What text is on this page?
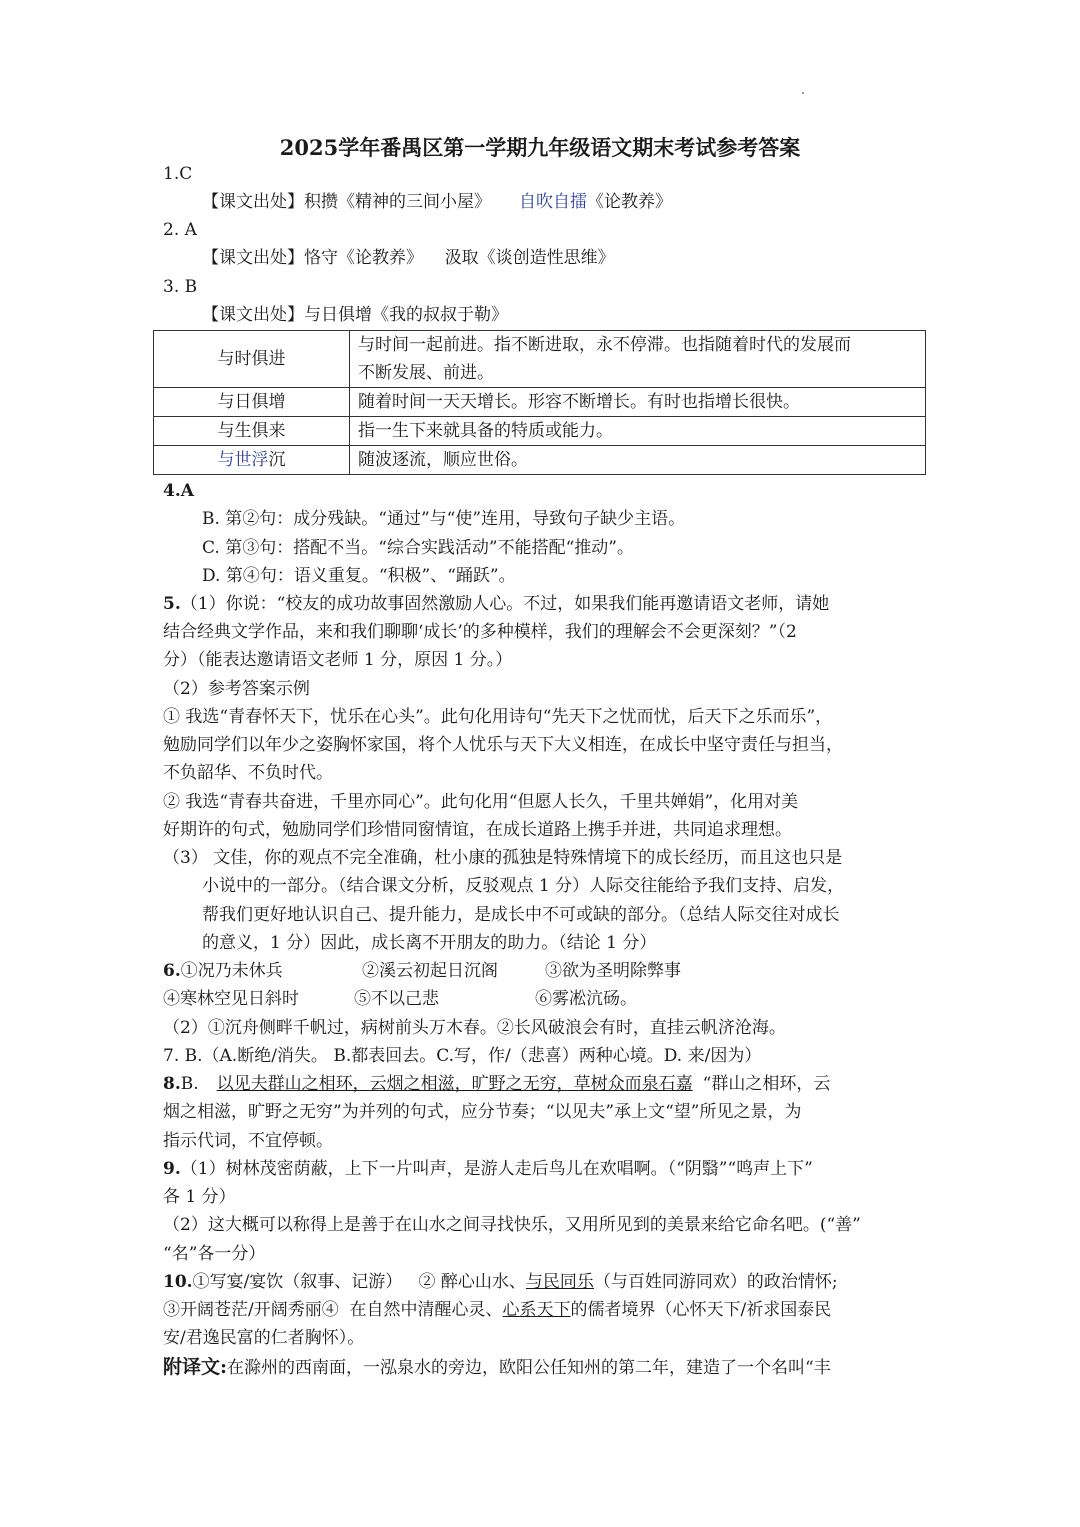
2025学年番禺区第一学期九年级语文期末考试参考答案
1.C
【课文出处】积攒《精神的三间小屋》 自吹自擂《论教养》
2. A
【课文出处】恪守《论教养》    汲取《谈创造性思维》
3. B
【课文出处】与日俱增《我的叔叔于勒》
与时俱进	与时间一起前进。指不断进取，永不停滞。也指随着时代的发展而
不断发展、前进。

与日俱增	随着时间一天天增长。形容不断增长。有时也指增长很快。
与生俱来	指一生下来就具备的特质或能力。
与世浮沉	随波逐流，顺应世俗。
4.A
B. 第②句：成分残缺。“通过”与“使”连用，导致句子缺少主语。
C. 第③句：搭配不当。“综合实践活动”不能搭配“推动”。
D. 第④句：语义重复。“积极”、“踊跃”。
5.（1）你说：“校友的成功故事固然激励人心。不过，如果我们能再邀请语文老师，请她
结合经典文学作品，来和我们聊聊‘成长’的多种模样，我们的理解会不会更深刻？”（2
分）（能表达邀请语文老师 1 分，原因 1 分。）
（2）参考答案示例
① 我选“青春怀天下，忧乐在心头”。此句化用诗句“先天下之忧而忧，后天下之乐而乐”，
勉励同学们以年少之姿胸怀家国，将个人忧乐与天下大义相连，在成长中坚守责任与担当，
不负韶华、不负时代。
② 我选“青春共奋进，千里亦同心”。此句化用“但愿人长久，千里共婵娟”，化用对美
好期许的句式，勉励同学们珍惜同窗情谊，在成长道路上携手并进，共同追求理想。
（3） 文佳，你的观点不完全准确，杜小康的孤独是特殊情境下的成长经历，而且这也只是
小说中的一部分。（结合课文分析，反驳观点 1 分）人际交往能给予我们支持、启发，
帮我们更好地认识自己、提升能力，是成长中不可或缺的部分。（总结人际交往对成长
的意义，1 分）因此，成长离不开朋友的助力。（结论 1 分）
6.①况乃未休兵	②溪云初起日沉阁	③欲为圣明除弊事
④寒林空见日斜时	⑤不以己悲	⑥雾凇沆砀。
（2）①沉舟侧畔千帆过，病树前头万木春。②长风破浪会有时，直挂云帆济沧海。
7. B.（A.断绝/消失。 B.都表回去。C.写，作/（悲喜）两种心境。D. 来/因为）
8.B. 以见夫群山之相环，云烟之相滋，旷野之无穷，草树众而泉石嘉 “群山之相环，云
烟之相滋，旷野之无穷”为并列的句式，应分节奏；“以见夫”承上文“望”所见之景，为
指示代词，不宜停顿。
9.（1）树林茂密荫蔽，上下一片叫声，是游人走后鸟儿在欢唱啊。（“阴翳”“鸣声上下”
各 1 分）
（2）这大概可以称得上是善于在山水之间寻找快乐，又用所见到的美景来给它命名吧。(“善”
“名”各一分）
10.①写宴/宴饮（叙事、记游）   ② 醉心山水、与民同乐（与百姓同游同欢）的政治情怀;
③开阔苍茫/开阔秀丽④  在自然中清醒心灵、心系天下的儒者境界（心怀天下/祈求国泰民
安/君逸民富的仁者胸怀）。
附译文:在滁州的西南面，一泓泉水的旁边，欧阳公任知州的第二年，建造了一个名叫“丰
